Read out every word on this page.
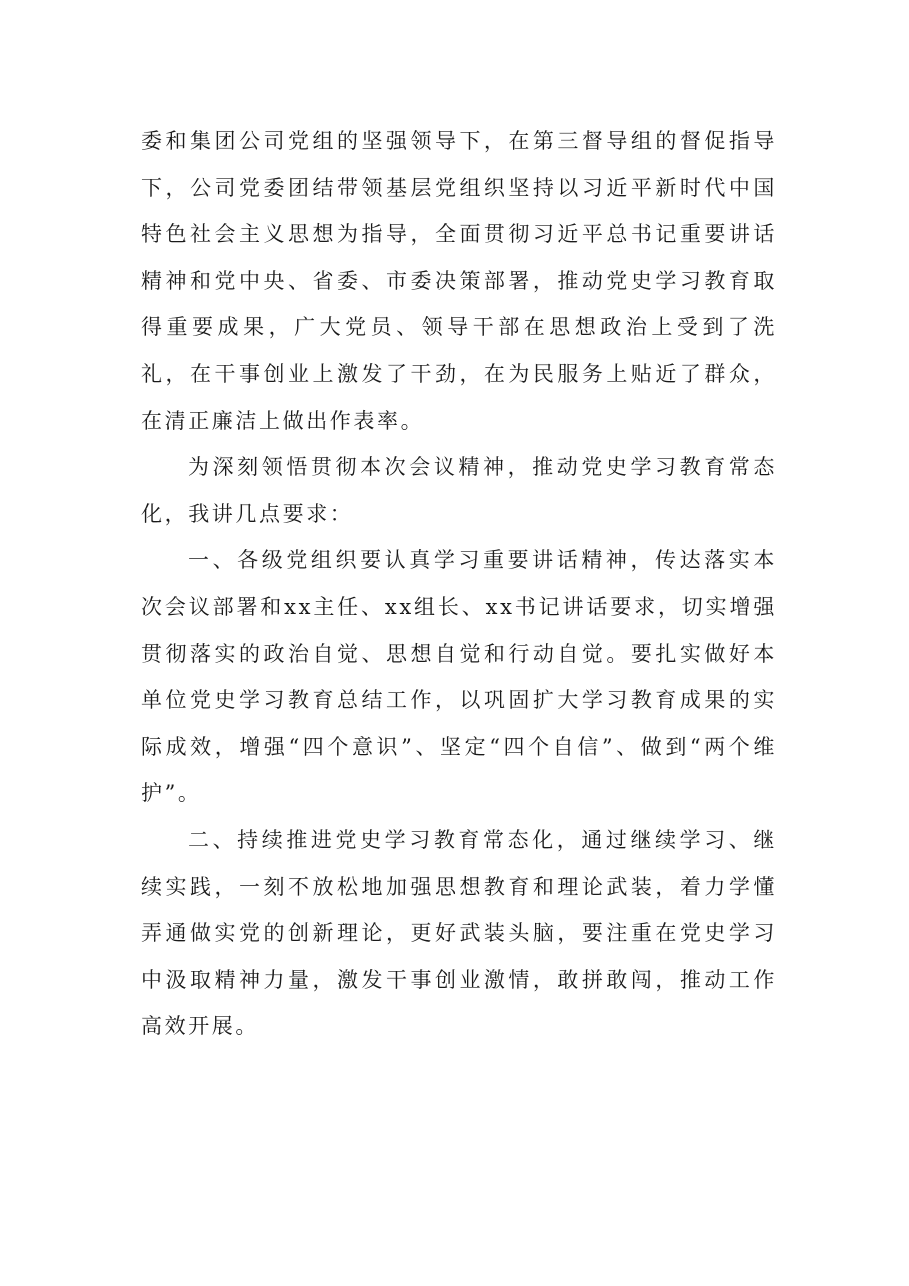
委和集团公司党组的坚强领导下，在第三督导组的督促指导下，公司党委团结带领基层党组织坚持以习近平新时代中国特色社会主义思想为指导，全面贯彻习近平总书记重要讲话精神和党中央、省委、市委决策部署，推动党史学习教育取得重要成果，广大党员、领导干部在思想政治上受到了洗礼，在干事创业上激发了干劲，在为民服务上贴近了群众，在清正廉洁上做出作表率。

为深刻领悟贯彻本次会议精神，推动党史学习教育常态化，我讲几点要求：

一、各级党组织要认真学习重要讲话精神，传达落实本次会议部署和xx主任、xx组长、xx书记讲话要求，切实增强贯彻落实的政治自觉、思想自觉和行动自觉。要扎实做好本单位党史学习教育总结工作，以巩固扩大学习教育成果的实际成效，增强“四个意识”、坚定“四个自信”、做到“两个维护”。

二、持续推进党史学习教育常态化，通过继续学习、继续实践，一刻不放松地加强思想教育和理论武装，着力学懂弄通做实党的创新理论，更好武装头脑，要注重在党史学习中汲取精神力量，激发干事创业激情，敢拼敢闯，推动工作高效开展。
